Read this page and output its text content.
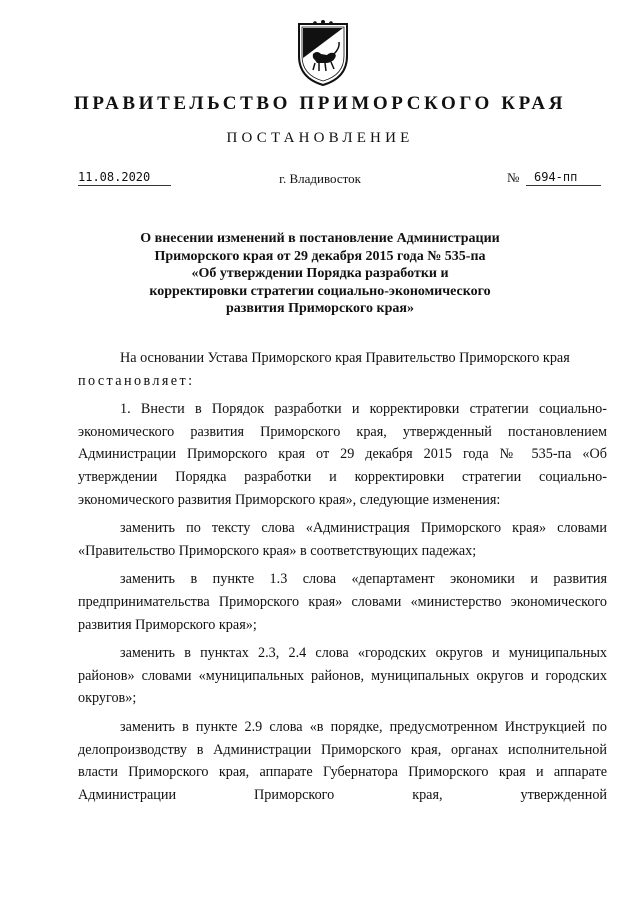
ПРАВИТЕЛЬСТВО ПРИМОРСКОГО КРАЯ
ПОСТАНОВЛЕНИЕ
11.08.2020	г. Владивосток	№	694-пп
О внесении изменений в постановление Администрации
Приморского края от 29 декабря 2015 года № 535-па
«Об утверждении Порядка разработки и
корректировки стратегии социально-экономического
развития Приморского края»

На основании Устава Приморского края Правительство Приморского края

постановляет:

1. Внести в Порядок разработки и корректировки стратегии социально-экономического развития Приморского края, утвержденный постановлением Администрации Приморского края от 29 декабря 2015 года № 535-па «Об утверждении Порядка разработки и корректировки стратегии социально-экономического развития Приморского края», следующие изменения:

заменить по тексту слова «Администрация Приморского края» словами «Правительство Приморского края» в соответствующих падежах;

заменить в пункте 1.3 слова «департамент экономики и развития предпринимательства Приморского края» словами «министерство экономического развития Приморского края»;

заменить в пунктах 2.3, 2.4 слова «городских округов и муниципальных районов» словами «муниципальных районов, муниципальных округов и городских округов»;

заменить в пункте 2.9 слова «в порядке, предусмотренном Инструкцией по делопроизводству в Администрации Приморского края, органах исполнительной власти Приморского края, аппарате Губернатора Приморского края и аппарате Администрации Приморского края, утвержденной
